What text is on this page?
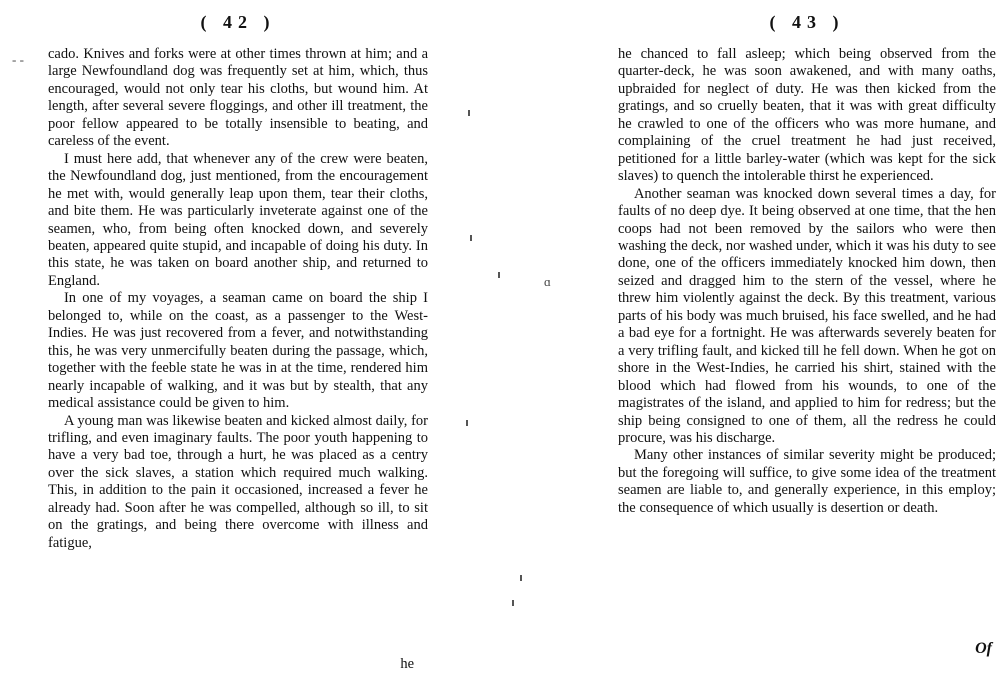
- -
ɑ
( 42 )

cado. Knives and forks were at other times thrown at him; and a large Newfoundland dog was frequently set at him, which, thus encouraged, would not only tear his cloths, but wound him. At length, after several severe floggings, and other ill treatment, the poor fellow appeared to be totally insensible to beating, and careless of the event.

I must here add, that whenever any of the crew were beaten, the Newfoundland dog, just mentioned, from the encouragement he met with, would generally leap upon them, tear their cloths, and bite them. He was particularly inveterate against one of the seamen, who, from being often knocked down, and severely beaten, appeared quite stupid, and incapable of doing his duty. In this state, he was taken on board another ship, and returned to England.

In one of my voyages, a seaman came on board the ship I belonged to, while on the coast, as a passenger to the West-Indies. He was just recovered from a fever, and notwithstanding this, he was very unmercifully beaten during the passage, which, together with the feeble state he was in at the time, rendered him nearly incapable of walking, and it was but by stealth, that any medical assistance could be given to him.

A young man was likewise beaten and kicked almost daily, for trifling, and even imaginary faults. The poor youth happening to have a very bad toe, through a hurt, he was placed as a centry over the sick slaves, a station which required much walking. This, in addition to the pain it occasioned, increased a fever he already had. Soon after he was compelled, although so ill, to sit on the gratings, and being there overcome with illness and fatigue,

he
( 43 )

he chanced to fall asleep; which being observed from the quarter-deck, he was soon awakened, and with many oaths, upbraided for neglect of duty. He was then kicked from the gratings, and so cruelly beaten, that it was with great difficulty he crawled to one of the officers who was more humane, and complaining of the cruel treatment he had just received, petitioned for a little barley-water (which was kept for the sick slaves) to quench the intolerable thirst he experienced.

Another seaman was knocked down several times a day, for faults of no deep dye. It being observed at one time, that the hen coops had not been removed by the sailors who were then washing the deck, nor washed under, which it was his duty to see done, one of the officers immediately knocked him down, then seized and dragged him to the stern of the vessel, where he threw him violently against the deck. By this treatment, various parts of his body was much bruised, his face swelled, and he had a bad eye for a fortnight. He was afterwards severely beaten for a very trifling fault, and kicked till he fell down. When he got on shore in the West-Indies, he carried his shirt, stained with the blood which had flowed from his wounds, to one of the magistrates of the island, and applied to him for redress; but the ship being consigned to one of them, all the redress he could procure, was his discharge.

Many other instances of similar severity might be produced; but the foregoing will suffice, to give some idea of the treatment seamen are liable to, and generally experience, in this employ; the consequence of which usually is desertion or death.

Of
